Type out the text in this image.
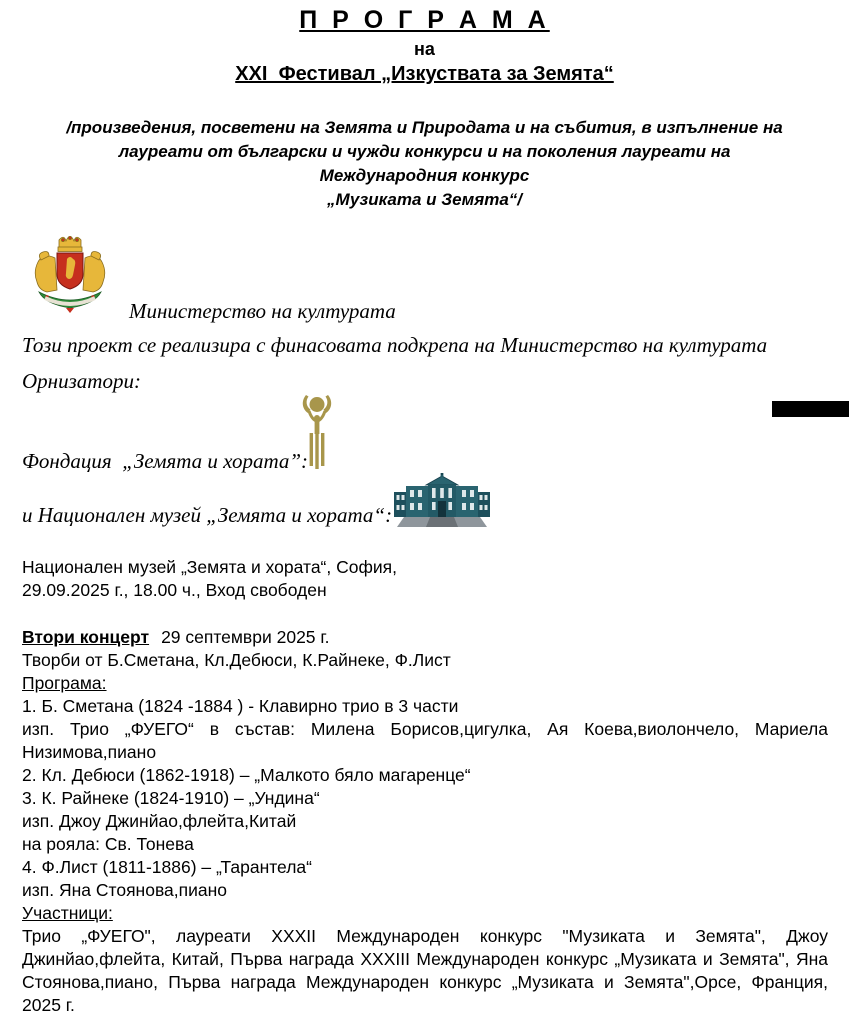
П Р О Г Р А М А
на
XXI  Фестивал „Изкуствата за Земята“
/произведения, посветени на Земята и Природата и на събития, в изпълнение на
лауреати от български и чужди конкурси и на поколения лауреати на
Международния конкурс
„Музиката и Земята“/
Министерство на културата
Този проект се реализира с финасовата подкрепа на Министерство на културата
Орнизатори:
Фондация  „Земята и хората”:
и Национален музей „Земята и хората“:
Национален музей „Земята и хората“, София,
29.09.2025 г., 18.00 ч., Вход свободен
Втори концерт 29 септември 2025 г.
Творби от Б.Сметана, Кл.Дебюси, К.Райнеке, Ф.Лист
Програма:
1. Б. Сметана (1824 -1884 ) - Клавирно трио в 3 части
изп. Трио „ФУЕГО“ в състав: Милена Борисов,цигулка, Ая Коева,виолончело, Мариела Низимова,пиано
2. Кл. Дебюси (1862-1918) – „Малкото бяло магаренце“
3. К. Райнеке (1824-1910) – „Ундина“
изп. Джоу Джинйао,флейта,Китай
на рояла: Св. Тонева
4. Ф.Лист (1811-1886) – „Тарантела“
изп. Яна Стоянова,пиано
Участници:
Трио „ФУЕГО", лауреати XXXII Международен конкурс "Музиката и Земята", Джоу Джинйао,флейта, Китай, Първа награда XXXIII Международен конкурс „Музиката и Земята", Яна Стоянова,пиано, Първа награда Международен конкурс „Музиката и Земята",Орсе, Франция, 2025 г.
